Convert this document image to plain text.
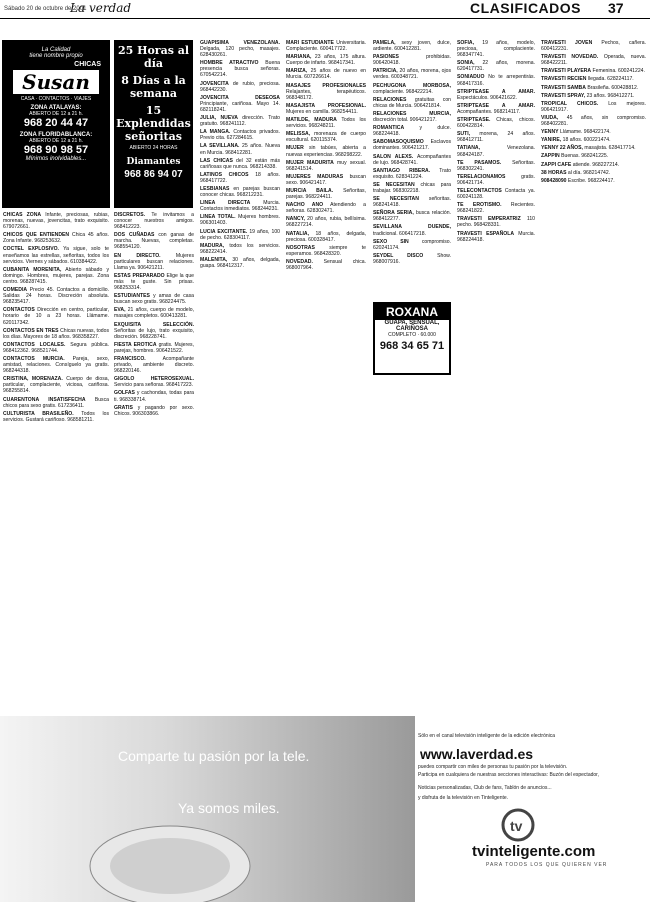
Sábado 20 de octubre de 2001
La verdad	CLASIFICADOS 37
La Calidad
tiene nombre propio
CHICAS
Susan
CASA · CONTACTOS · VIAJES
ZONA ATALAYAS:
ABIERTO DE 12 a 21 h.
968 20 44 47
ZONA FLORIDABLANCA:
ABIERTO DE 12 a 21 h.
968 90 98 57
Mínimos inolvidables...
25 Horas al día
8 Días a la semana
15 Explendidas señoritas
ABIERTO 24 HORAS
Diamantes
968 86 94 07
ROXANA
GUAPA, SENSUAL, CARIÑOSA
COMPLETO · 60.000
968 34 65 71

CHICAS ZONA Infante, preciosas, rubias, morenas, nuevas, jovencitas, trato exquisito. 679072661.

CHICOS QUE ENTIENDEN Chica 45 años. Zona Infante. 968253632.

COCTEL EXPLOSIVO. Ya sigue, solo te enseñamos las estrellas, señoritas, todos los servicios. Viernes y sábados. 610384422.

CUBANITA MORENITA, Abierto sábado y domingo. Hombres, mujeres, parejas. Zona centro. 968287415.

COMEDIA Precio 45. Contactos a domicilio. Salidas 24 horas. Discreción absoluta. 968235417.

CONTACTOS Dirección en centro, particular, horario de 10 a 23 horas. Llámame. 620117342.

CONTACTOS EN TRES Chicas nuevas, todos los días. Mayores de 18 años. 968358227.

CONTACTOS LOCALES. Segura pública. 968412362. 968521744.

CONTACTOS MURCIA. Pareja, sexo, amistad, relaciones. Consíguelo ya gratis. 968244318.

CRISTINA, MORENAZA. Cuerpo de diosa, particular, complaciente, viciosa, cariñosa. 968255814.

CUARENTONA INSATISFECHA Busca chicos para sexo gratis. 617236411.

CULTURISTA BRASILEÑO. Todos los servicios. Gustará cariñoso. 968581211.

DISCRETOS. Te invitamos a conocer nuestros amigos. 968412223.

DOS CUÑADAS con ganas de marcha. Nuevas, completas. 968554120.

EN DIRECTO.	Mujeres particulares buscan relaciones. Llama ya. 906421211.

ESTAS PREPARADO Elige la que más te guste. Sin prisas. 968253314.

ESTUDIANTES y amas de casa buscan sexo gratis. 968224475.

EVA, 21 años, cuerpo de modelo, masajes completos. 600413281.

EXQUISITA SELECCIÓN. Señoritas de lujo, trato exquisito, discreción. 968228741.

FIESTA EROTICA gratis. Mujeres, parejas, hombres. 906421522.

FRANCISCO.	Acompañante privado, ambiente discreto. 968220146.

GIGOLO HETEROSEXUAL. Servicio para señoras. 968417223.

GOLFAS y cachondas, todas para ti. 968338714.

GRATIS y pagando por sexo. Chicos. 906303866.

GUAPISIMA VENEZOLANA. Delgada, 120 pecho, masajes. 628430261.

HOMBRE ATRACTIVO Buena presencia busca señoras. 670542214.

JOVENCITA de rubio, preciosa. 968442230.

JOVENCITA DESEOSA Principiante, cariñosa. Mayo 14. 682118241.

JULIA, NUEVA dirección. Trato gratuito. 968241112.

LA MANGA. Contactos privados. Previo cita. 627284615.

LA SEVILLANA. 25 años. Nueva en Murcia. 968412281.

LAS CHICAS del 32 están más cariñosas que nunca. 968214338.

LATINOS CHICOS 18 años. 968417722.

LESBIANAS en parejas buscan conocer chicas. 968212231.

LINEA DIRECTA	Murcia. Contactos inmediatos. 968244231.

LINEA TOTAL. Mujeres hombres. 906301403.

LUCIA EXCITANTE. 19 años, 100 de pecho. 628304117.

MADURA, todos los servicios. 968222414.

MALENITA, 30 años, delgada, guapa. 968412317.

MARI ESTUDIANTE Universitaria. Complaciente. 600417722.

MARIANA, 23 años, 175 altura. Cuerpo de infarto. 968417341.

MARIZA, 25 años de nuevo en Murcia. 607226614.

MASAJES PROFESIONALES Relajantes, terapéuticos. 968348172.

MASAJISTA PROFESIONAL. Mujeres en camilla. 968254411.

MATILDE, MADURA Todos los servicios. 968248211.

MELISSA, morenaza de cuerpo escultural. 620115374.

MUJER sin tabúes, abierta a nuevas experiencias. 968298222.

MUJER MADURITA muy sexual. 968241514.

MUJERES MADURAS buscan sexo. 906421417.

MURCIA BAILA. Señoritas, parejas. 968224411.

NACHO ANO Atendiendo a señoras. 628302471.

NANCY, 20 años, rubia, bellísima. 968227214.

NATALIA, 18 años, delgada, preciosa. 600328417.

NOSOTRAS	siempre te esperamos. 968428320.

NOVEDAD. Sensual chica. 968007964.

PAMELA, sexy joven, dulce, ardiente. 600412281.

PASIONES	prohibidas. 906420418.

PATRICIA, 20 años, morena, ojos verdes. 600348721.

PECHUGONA MORBOSA, complaciente. 968422214.

RELACIONES gratuitas con chicas de Murcia. 906421814.

RELACIONES MURCIA, discreción total. 906421217.

ROMANTICA	y dulce. 968224418.

SABOMASOQUISMO Esclavos dominantes. 906421217.

SALON ALEXS. Acompañantes de lujo. 968428741.

SANTIAGO RIBERA. Trato exquisito. 628341224.

SE NECESITAN chicas para trabajar. 968302218.

SE NECESITAN señoritas. 968241418.

SEÑORA SERIA, busca relación. 968412277.

SEVILLANA DUENDE, tradicional. 606417218.

SEXO SIN	compromiso. 620241174.

SEYDEL DISCO	Show. 968007916.

SOFIA, 19 años, modelo, preciosa, complaciente. 968347741.

SONIA, 22 años, morena. 620417731.

SONIADUO No te arrepentirás. 968417316.

STRIPTEASE A AMAR. Espectáculos. 906421622.

STRIPTEASE A AMAR. Acompañantes. 968214117.

STRIPTEASE. Chicas, chicos. 600422814.

SUTI, morena, 24 años. 968412711.

TATIANA,	Venezolana. 968424187.

TE PASAMOS. Señoritas. 968302241.

TERELACIONAMOS	gratis. 906421714.

TELECONTACTOS Contacta ya. 600241128.

TE EROTISMO. Recientes. 968241822.

TRAVESTI EMPERATRIZ 110 pecho. 968428331.

TRAVESTI ESPAÑOLA Murcia. 968224418.

TRAVESTI JOVEN Pechos, cañera. 600412231.

TRAVESTI NOVEDAD. Operada, nueva. 968422211.

TRAVESTI PLAYERA Femenina. 600241224.

TRAVESTI RECIEN llegada. 628224117.

TRAVESTI SAMBA Brasileña. 600428812.

TRAVESTI SPRAY, 23 años. 968412271.

TROPICAL CHICOS. Los mejores. 906421917.

VIUDA, 45 años, sin compromiso. 968402281.

YENNY Llámame. 968422174.

YANIRE, 18 años. 600221474.

YENNY 22 AÑOS, masajista. 628417714.

ZAPPIN Buenas. 968241225.

ZAPPI CAFE atiende. 968227214.

38 HORAS al día. 968214742.

908428090 Escribe. 968224417.

Comparte tu pasión por la tele.
Ya somos miles.
Sólo en el canal televisión inteligente de la edición electrónica
www.laverdad.es
puedes compartir con miles de personas tu pasión por la televisión.
Participa en cualquiera de nuestras secciones interactivas: Buzón del espectador,
Noticias personalizadas, Club de fans, Tablón de anuncios...
y disfruta de la televisión en Tinteligente.
tv
tvinteligente.com
PARA TODOS LOS QUE QUIEREN VER
